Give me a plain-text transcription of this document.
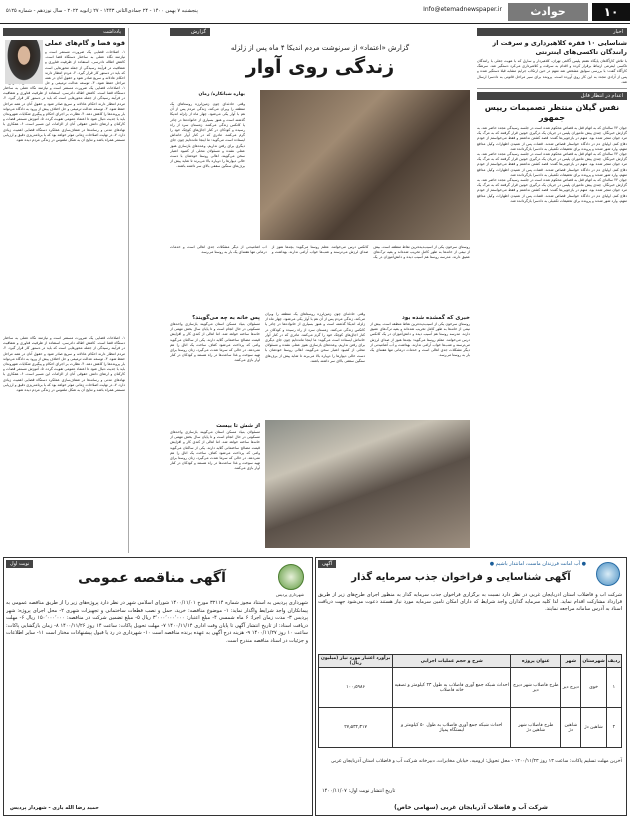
۱۰
حوادث
Info@etemadnewspaper.ir
پنجشنبه ۷ بهمن ۱۴۰۰ - ۲۴ جمادی‌الثانی ۱۴۴۳ - ۲۷ ژانویه ۲۰۲۲ - سال نوزدهم - شماره ۵۱۲۵
اخبار
شناسایی ۱۰ فقره کلاهبرداری و سرقت از رانندگان تاکسی‌های اینترنتی
با تلاش کارآگاهان پایگاه هفتم پلیس آگاهی تهران، کلاهبردار و سارق که با هویت جعلی با رانندگان تاکسی اینترنتی ارتباط برقرار کرده و اقدام به سرقت و کلاهبرداری می‌کرد دستگیر شد. سرهنگ کارآگاه گفت: با بررسی سوابق مشخص شد متهم در حین ارتکاب جرایم مشابه قبلا دستگیر شده و پس از آزادی مجدد به این کار روی آورده است. پرونده برای سیر مراحل قانونی به دادسرا ارسال شد.
اعدام در انتظار قاتل
نفس گیلان منتظر تصمیمات رییس جمهور
جوان ۲۴ ساله‌ای که به اتهام قتل به قصاص محکوم شده است در جلسه رسیدگی مجدد حاضر شد. به گزارش خبرنگار، چندی پیش ماموران پلیس در جریان یک درگیری خونین قرار گرفتند که به مرگ یک مرد جوان منجر شده بود. متهم در بازجویی‌ها گفت: قصد کشتن نداشتم و فقط می‌خواستم از خودم دفاع کنم. اولیای دم در دادگاه خواستار قصاص شدند. قضات پس از شنیدن اظهارات وکیل مدافع متهم، وارد شور شدند و پرونده برای تحقیقات تکمیلی به دادسرا بازگردانده شد.
جوان ۲۴ ساله‌ای که به اتهام قتل به قصاص محکوم شده است در جلسه رسیدگی مجدد حاضر شد. به گزارش خبرنگار، چندی پیش ماموران پلیس در جریان یک درگیری خونین قرار گرفتند که به مرگ یک مرد جوان منجر شده بود. متهم در بازجویی‌ها گفت: قصد کشتن نداشتم و فقط می‌خواستم از خودم دفاع کنم. اولیای دم در دادگاه خواستار قصاص شدند. قضات پس از شنیدن اظهارات وکیل مدافع متهم، وارد شور شدند و پرونده برای تحقیقات تکمیلی به دادسرا بازگردانده شد.
جوان ۲۴ ساله‌ای که به اتهام قتل به قصاص محکوم شده است در جلسه رسیدگی مجدد حاضر شد. به گزارش خبرنگار، چندی پیش ماموران پلیس در جریان یک درگیری خونین قرار گرفتند که به مرگ یک مرد جوان منجر شده بود. متهم در بازجویی‌ها گفت: قصد کشتن نداشتم و فقط می‌خواستم از خودم دفاع کنم. اولیای دم در دادگاه خواستار قصاص شدند. قضات پس از شنیدن اظهارات وکیل مدافع متهم، وارد شور شدند و پرونده برای تحقیقات تکمیلی به دادسرا بازگردانده شد.
گزارش
گزارش «اعتماد» از سرنوشت مردم اندیکا ۴ ماه پس از زلزله
زندگی روی آوار
بهاره شبانکاره/ زمان
وقتی حادثه‌ای چون زمین‌لرزه روستاهای یک منطقه را ویران می‌کند، زندگی مردم پس از آن هم با آوار یکی می‌شود. چهار ماه از زلزله اندیکا گذشته است و هنوز بسیاری از خانواده‌ها در چادر یا کانکس زندگی می‌کنند. زمستان سرد از راه رسیده و کودکان در کنار اجاق‌های کوچک خود را گرم می‌کنند. مادری که در کنار آوار خانه‌اش ایستاده است می‌گوید: ما اینجا مانده‌ایم چون جای دیگری برای رفتن نداریم. وعده‌های بازسازی هنوز عملی نشده و مسئولان محلی از کمبود اعتبار سخن می‌گویند. اهالی روستا خودشان با دست خالی دیوارها را دوباره بالا می‌برند تا شاید پیش از برف‌های سنگین سقفی بالای سر داشته باشند.
روستای سرخون یکی از آسیب‌دیده‌ترین نقاط منطقه است. بیش از نیمی از خانه‌ها به طور کامل تخریب شده‌اند و بقیه ترک‌های عمیق دارند. مدرسه روستا هم آسیب دیده و دانش‌آموزان در یک کانکس درس می‌خوانند. معلم روستا می‌گوید: بچه‌ها هنوز از صدای لرزش می‌ترسند و شب‌ها خواب آرامی ندارند. بهداشت و آب آشامیدنی از دیگر مشکلات جدی اهالی است و خدمات درمانی تنها هفته‌ای یک بار به روستا می‌رسد.
پس خانه به چه می‌گویند؟
مسئولان بنیاد مسکن استان می‌گویند بازسازی واحدهای مسکونی در حال انجام است و تا پایان سال بخش مهمی از خانه‌ها ساخته خواهد شد. اما اهالی از کندی کار و افزایش قیمت مصالح ساختمانی گلایه دارند. یکی از ساکنان می‌گوید وامی که پرداخت می‌شود کفاف ساخت یک اتاق را هم نمی‌دهد. در حالی که سرما شدت می‌گیرد، زنان روستا برای تهیه سوخت و غذا ساعت‌ها در راه هستند و کودکان در کنار آوار بازی می‌کنند.
خبری که گمشده شده بود
روستای سرخون یکی از آسیب‌دیده‌ترین نقاط منطقه است. بیش از نیمی از خانه‌ها به طور کامل تخریب شده‌اند و بقیه ترک‌های عمیق دارند. مدرسه روستا هم آسیب دیده و دانش‌آموزان در یک کانکس درس می‌خوانند. معلم روستا می‌گوید: بچه‌ها هنوز از صدای لرزش می‌ترسند و شب‌ها خواب آرامی ندارند. بهداشت و آب آشامیدنی از دیگر مشکلات جدی اهالی است و خدمات درمانی تنها هفته‌ای یک بار به روستا می‌رسد.
وقتی حادثه‌ای چون زمین‌لرزه روستاهای یک منطقه را ویران می‌کند، زندگی مردم پس از آن هم با آوار یکی می‌شود. چهار ماه از زلزله اندیکا گذشته است و هنوز بسیاری از خانواده‌ها در چادر یا کانکس زندگی می‌کنند. زمستان سرد از راه رسیده و کودکان در کنار اجاق‌های کوچک خود را گرم می‌کنند. مادری که در کنار آوار خانه‌اش ایستاده است می‌گوید: ما اینجا مانده‌ایم چون جای دیگری برای رفتن نداریم. وعده‌های بازسازی هنوز عملی نشده و مسئولان محلی از کمبود اعتبار سخن می‌گویند. اهالی روستا خودشان با دست خالی دیوارها را دوباره بالا می‌برند تا شاید پیش از برف‌های سنگین سقفی بالای سر داشته باشند.
از شش تا بیست
مسئولان بنیاد مسکن استان می‌گویند بازسازی واحدهای مسکونی در حال انجام است و تا پایان سال بخش مهمی از خانه‌ها ساخته خواهد شد. اما اهالی از کندی کار و افزایش قیمت مصالح ساختمانی گلایه دارند. یکی از ساکنان می‌گوید وامی که پرداخت می‌شود کفاف ساخت یک اتاق را هم نمی‌دهد. در حالی که سرما شدت می‌گیرد، زنان روستا برای تهیه سوخت و غذا ساعت‌ها در راه هستند و کودکان در کنار آوار بازی می‌کنند.
یادداشت
قوه قضا و گام‌های عملی
۱- اصلاحات قضایی یک ضرورت مستمر است و نیازمند نگاه عملی به ساختار دستگاه قضا است. کاهش اطاله دادرسی، استفاده از ظرفیت فناوری و شفافیت در فرآیند رسیدگی از جمله محورهایی است که باید در دستور کار قرار گیرد. ۲- مردم انتظار دارند احکام عادلانه و سریع صادر شود و حقوق آنان در همه مراحل حفظ شود. ۳- توسعه عدالت ترمیمی و حل
۱- اصلاحات قضایی یک ضرورت مستمر است و نیازمند نگاه عملی به ساختار دستگاه قضا است. کاهش اطاله دادرسی، استفاده از ظرفیت فناوری و شفافیت در فرآیند رسیدگی از جمله محورهایی است که باید در دستور کار قرار گیرد. ۲- مردم انتظار دارند احکام عادلانه و سریع صادر شود و حقوق آنان در همه مراحل حفظ شود. ۳- توسعه عدالت ترمیمی و حل اختلاف پیش از ورود به دادگاه می‌تواند بار پرونده‌ها را کاهش دهد. ۴- نظارت بر اجرای احکام و پیگیری شکایات شهروندان باید با جدیت دنبال شود تا اعتماد عمومی تقویت گردد. ۵- آموزش مستمر قضات و کارکنان و ارتقای دانش حقوقی آنان از الزامات این مسیر است. ۶- همکاری با نهادهای مدنی و رسانه‌ها در شفاف‌سازی عملکرد دستگاه قضایی اهمیت زیادی دارد. ۷- در نهایت اصلاحات زمانی موثر خواهد بود که با برنامه‌ریزی دقیق و ارزیابی مستمر همراه باشد و نتایج آن به شکل ملموس در زندگی مردم دیده شود.
۱- اصلاحات قضایی یک ضرورت مستمر است و نیازمند نگاه عملی به ساختار دستگاه قضا است. کاهش اطاله دادرسی، استفاده از ظرفیت فناوری و شفافیت در فرآیند رسیدگی از جمله محورهایی است که باید در دستور کار قرار گیرد. ۲- مردم انتظار دارند احکام عادلانه و سریع صادر شود و حقوق آنان در همه مراحل حفظ شود. ۳- توسعه عدالت ترمیمی و حل اختلاف پیش از ورود به دادگاه می‌تواند بار پرونده‌ها را کاهش دهد. ۴- نظارت بر اجرای احکام و پیگیری شکایات شهروندان باید با جدیت دنبال شود تا اعتماد عمومی تقویت گردد. ۵- آموزش مستمر قضات و کارکنان و ارتقای دانش حقوقی آنان از الزامات این مسیر است. ۶- همکاری با نهادهای مدنی و رسانه‌ها در شفاف‌سازی عملکرد دستگاه قضایی اهمیت زیادی دارد. ۷- در نهایت اصلاحات زمانی موثر خواهد بود که با برنامه‌ریزی دقیق و ارزیابی مستمر همراه باشد و نتایج آن به شکل ملموس در زندگی مردم دیده شود.
آگهی	● آب امانت فرزندان ماست، امانتدار باشیم ●
آگهی شناسایی و فراخوان جذب سرمایه گذار
شرکت آب و فاضلاب استان آذربایجان غربی در نظر دارد نسبت به برگزاری فراخوان جذب سرمایه گذار به منظور اجرای طرح‌های زیر از طریق قرارداد مشارکت اقدام نماید. لذا کلیه سرمایه گذاران واجد شرایط که دارای امکان تامین سرمایه مورد نیاز هستند دعوت می‌شود جهت دریافت اسناد به آدرس سامانه مراجعه نمایند.
ردیف	شهرستان	شهر	عنوان پروژه	شرح و حجم عملیات اجرایی	برآورد اعتبار مورد نیاز (میلیون ریال)
۱	خوی	دیزج دیز	طرح فاضلاب شهر دیزج دیز	احداث شبکه جمع آوری فاضلاب به طول ۲۳ کیلومتر و تصفیه خانه فاضلاب	۱۰۰٫۵۹۸۶
۲	شاهین دژ	شاهین دژ	طرح فاضلاب شهر شاهین دژ	احداث شبکه جمع آوری فاضلاب به طول ۵۰ کیلومتر و ایستگاه پمپاژ	۲۷٫۵۳۲٫۳۱۷
آخرین مهلت تسلیم پاکات: ساعت ۱۳ روز ۱۴۰۰/۱۱/۲۳ - محل تحویل: ارومیه، خیابان مخابرات، دبیرخانه شرکت آب و فاضلاب استان آذربایجان غربی
تاریخ انتشار نوبت اول: ۱۴۰۰/۱۱/۰۷
شرکت آب و فاضلاب آذربایجان غربی (سهامی خاص)
نوبت اول
شهرداری پردیس
آگهی مناقصه عمومی
شهرداری پردیس به استناد مجوز شماره ۳۲۱۱۴ مورخ ۱۴۰۰/۱۱/۰۱ شورای اسلامی شهر در نظر دارد پروژه‌های زیر را از طریق مناقصه عمومی به پیمانکاران واجد شرایط واگذار نماید: ۱- موضوع مناقصه: خرید، حمل و نصب قطعات ساختمانی و تجهیزات شهری ۲- محل اجرای پروژه: شهر پردیس ۳- مدت زمان اجرا: ۶ ماه شمسی ۴- مبلغ اعتبار: ۳٬۰۰۰٬۰۰۰٬۰۰۰ ریال ۵- مبلغ تضمین شرکت در مناقصه: ۱۵۰٬۰۰۰٬۰۰۰ ریال ۶- مهلت دریافت اسناد: از تاریخ انتشار آگهی تا پایان وقت اداری ۱۴۰۰/۱۱/۱۴ ۷- مهلت تحویل پاکات: ساعت ۱۴ روز ۱۴۰۰/۱۱/۲۶ ۸- زمان بازگشایی پاکات: ساعت ۱۰ روز ۱۴۰۰/۱۱/۲۷ ۹- هزینه درج آگهی به عهده برنده مناقصه است ۱۰- شهرداری در رد یا قبول پیشنهادات مختار است ۱۱- سایر اطلاعات و جزئیات در اسناد مناقصه مندرج است.
حمید رضا الله یاری - شهردار پردیس
